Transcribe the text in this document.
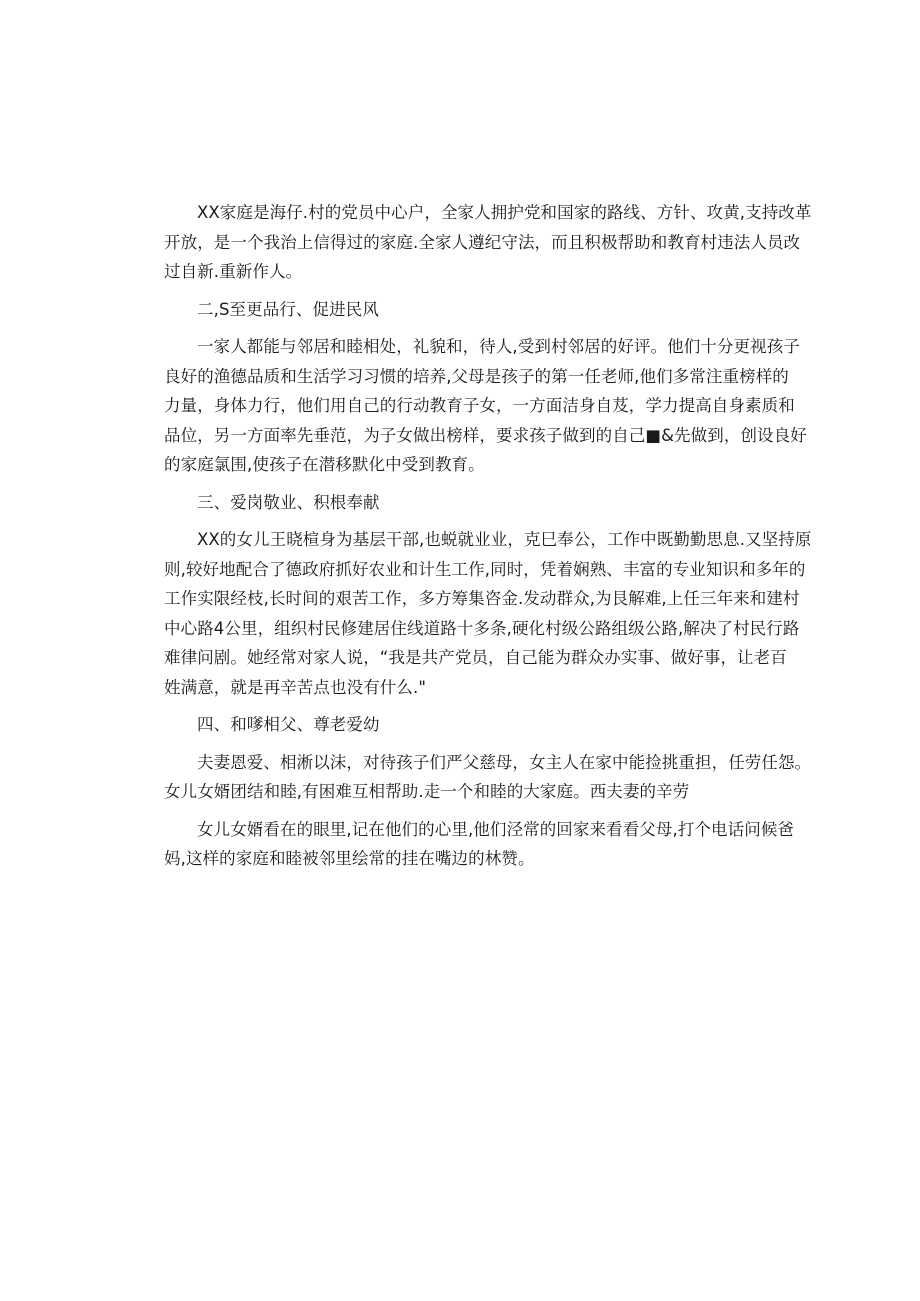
XX家庭是海仔.村的党员中心户，全家人拥护党和国家的路线、方针、攻黄,支持改革
开放，是一个我治上信得过的家庭.全家人遵纪守法，而且积极帮助和教育村违法人员改
过自新.重新作人。
二,S至更品行、促进民风
一家人都能与邻居和睦相处，礼貌和，待人,受到村邻居的好评。他们十分更视孩子
良好的渔德品质和生活学习习惯的培养,父母是孩子的第一任老师,他们多常注重榜样的
力量，身体力行，他们用自己的行动教育子女，一方面洁身自芨，学力提高自身素质和
品位，另一方面率先垂范，为子女做出榜样，要求孩子做到的自己■&先做到，创设良好
的家庭氯围,使孩子在潜移默化中受到教育。
三、爱岗敬业、积根奉献
XX的女儿王晓楦身为基层干部,也蜕就业业，克巳奉公，工作中既勤勤思息.又坚持原
则,较好地配合了德政府抓好农业和计生工作,同时，凭着娴熟、丰富的专业知识和多年的
工作实限经枝,长时间的艰苦工作，多方筹集咨金.发动群众,为艮解难,上任三年来和建村
中心路4公里，组织村民修建居住线道路十多条,硬化村级公路组级公路,解决了村民行路
难律问剧。她经常对家人说，“我是共产党员，自己能为群众办实事、做好事，让老百
姓满意，就是再辛苦点也没有什么."
四、和嗲相父、尊老爱幼
夫妻恩爱、相淅以沫，对待孩子们严父慈母，女主人在家中能捡挑重担，任劳任怨。
女儿女婿团结和睦,有困难互相帮助.走一个和睦的大家庭。西夫妻的辛劳
女儿女婿看在的眼里,记在他们的心里,他们泾常的回家来看看父母,打个电话问候爸
妈,这样的家庭和睦被邻里绘常的挂在嘴边的林赞。
